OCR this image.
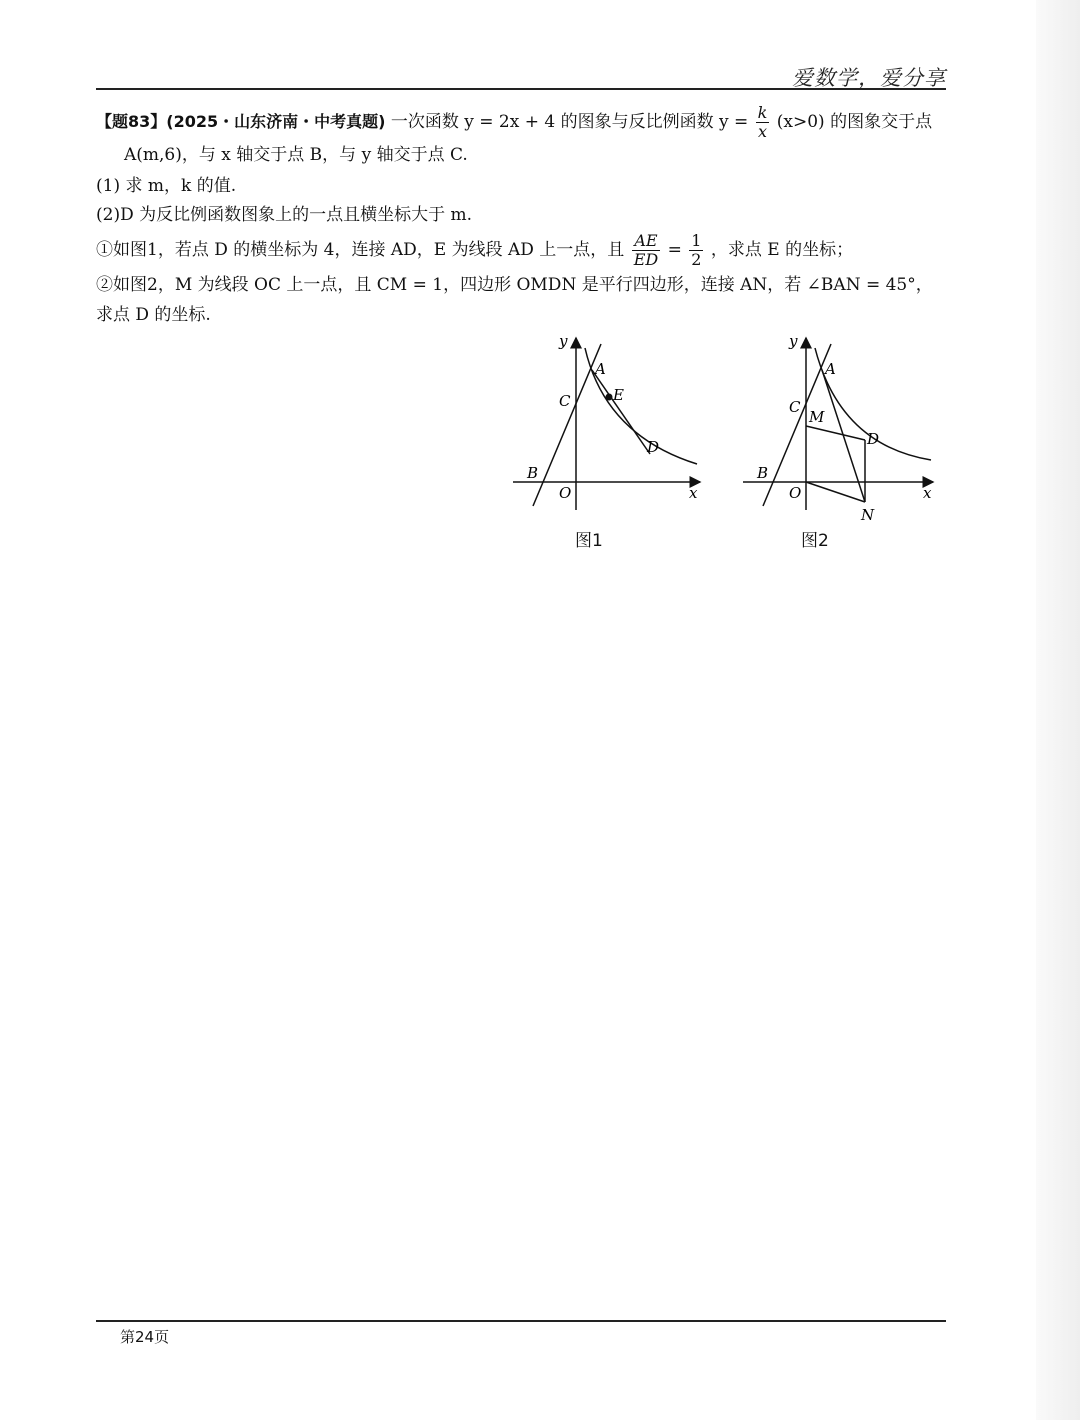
爱数学，爱分享
【题83】(2025・山东济南・中考真题) 一次函数 y = 2x + 4 的图象与反比例函数 $y = \frac{k}{x} (x>0)$ 的图象交于点
A(m,6)，与 x 轴交于点 B，与 y 轴交于点 C.
(1) 求 m，k 的值.
(2)D 为反比例函数图象上的一点且横坐标大于 m.
①如图1，若点 D 的横坐标为 4，连接 AD，E 为线段 AD 上一点，且 $\frac{AE}{ED} = \frac{1}{2}$ ，求点 E 的坐标；
②如图2，M 为线段 OC 上一点，且 CM = 1，四边形 OMDN 是平行四边形，连接 AN，若 ∠BAN = 45°，
求点 D 的坐标.
y
x
A
C	E
D
B
O
图1
y
x
A
C
M
D
B
O
N
图2
第24页
